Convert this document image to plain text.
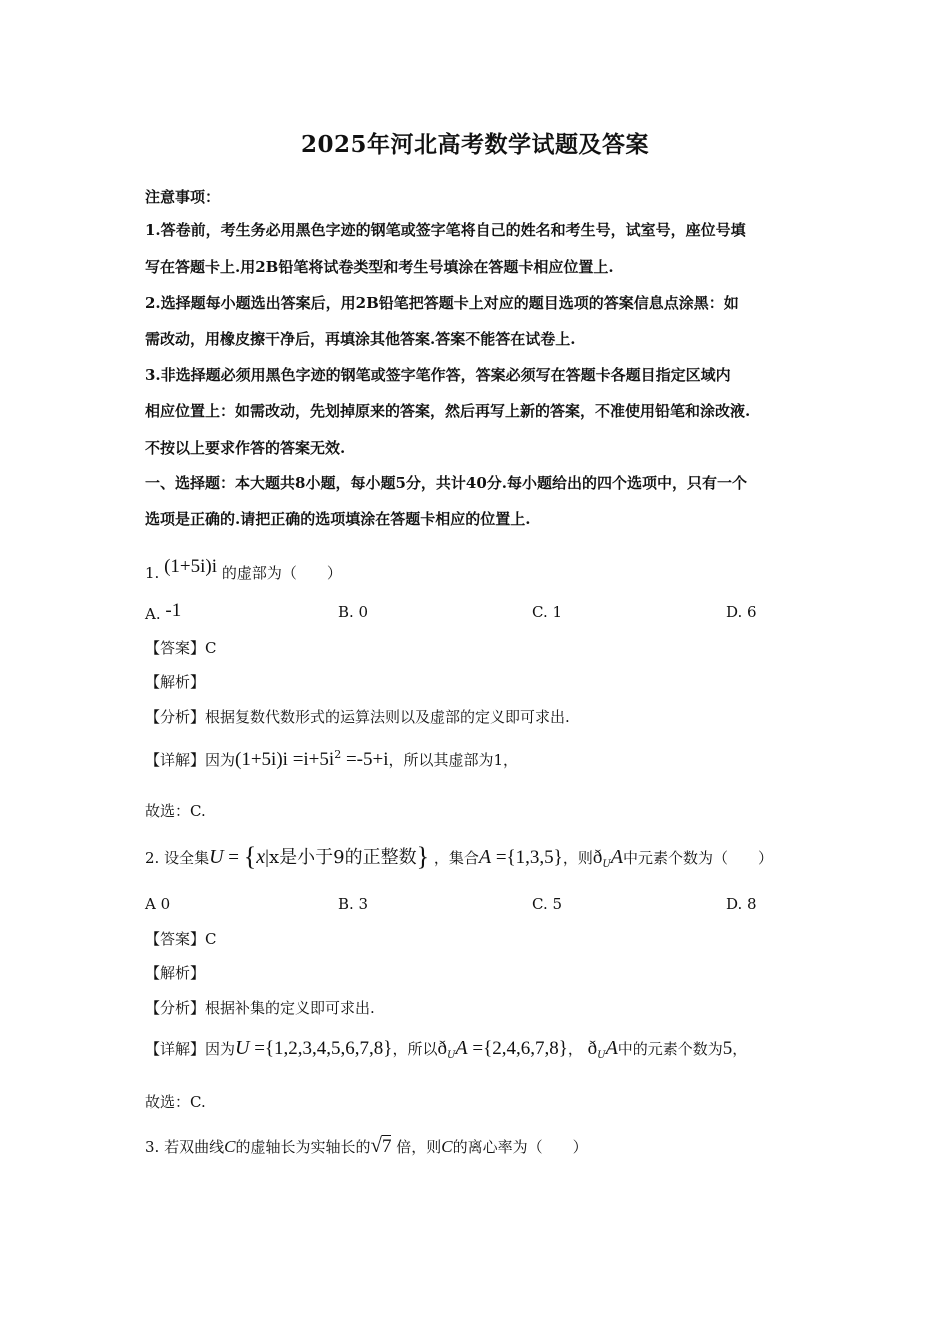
2025年河北高考数学试题及答案
注意事项：
1.答卷前，考生务必用黑色字迹的钢笔或签字笔将自己的姓名和考生号，试室号，座位号填
写在答题卡上.用2B铅笔将试卷类型和考生号填涂在答题卡相应位置上.
2.选择题每小题选出答案后，用2B铅笔把答题卡上对应的题目选项的答案信息点涂黑：如
需改动，用橡皮擦干净后，再填涂其他答案.答案不能答在试卷上.
3.非选择题必须用黑色字迹的钢笔或签字笔作答，答案必须写在答题卡各题目指定区域内
相应位置上：如需改动，先划掉原来的答案，然后再写上新的答案，不准使用铅笔和涂改液.
不按以上要求作答的答案无效.
一、选择题：本大题共8小题，每小题5分，共计40分.每小题给出的四个选项中，只有一个
选项是正确的.请把正确的选项填涂在答题卡相应的位置上.
1. (1+5i)i 的虚部为（　　）
A. -1	B. 0	C. 1	D. 6
【答案】C
【解析】
【分析】根据复数代数形式的运算法则以及虚部的定义即可求出.
【详解】因为$(1+5i)i =i+5i^2 =-5+i$，所以其虚部为1，
故选：C.
2. 设全集U = {x|x是小于9的正整数} ，集合A ={1,3,5}，则$ð_UA$中元素个数为（　　）
A 0	B. 3	C. 5	D. 8
【答案】C
【解析】
【分析】根据补集的定义即可求出.
【详解】因为U ={1,2,3,4,5,6,7,8}，所以$ð_UA =\{2,4,6,7,8\}$， $ð_UA$中的元素个数为5，
故选：C.
3. 若双曲线C的虚轴长为实轴长的√7 倍，则C的离心率为（　　）
